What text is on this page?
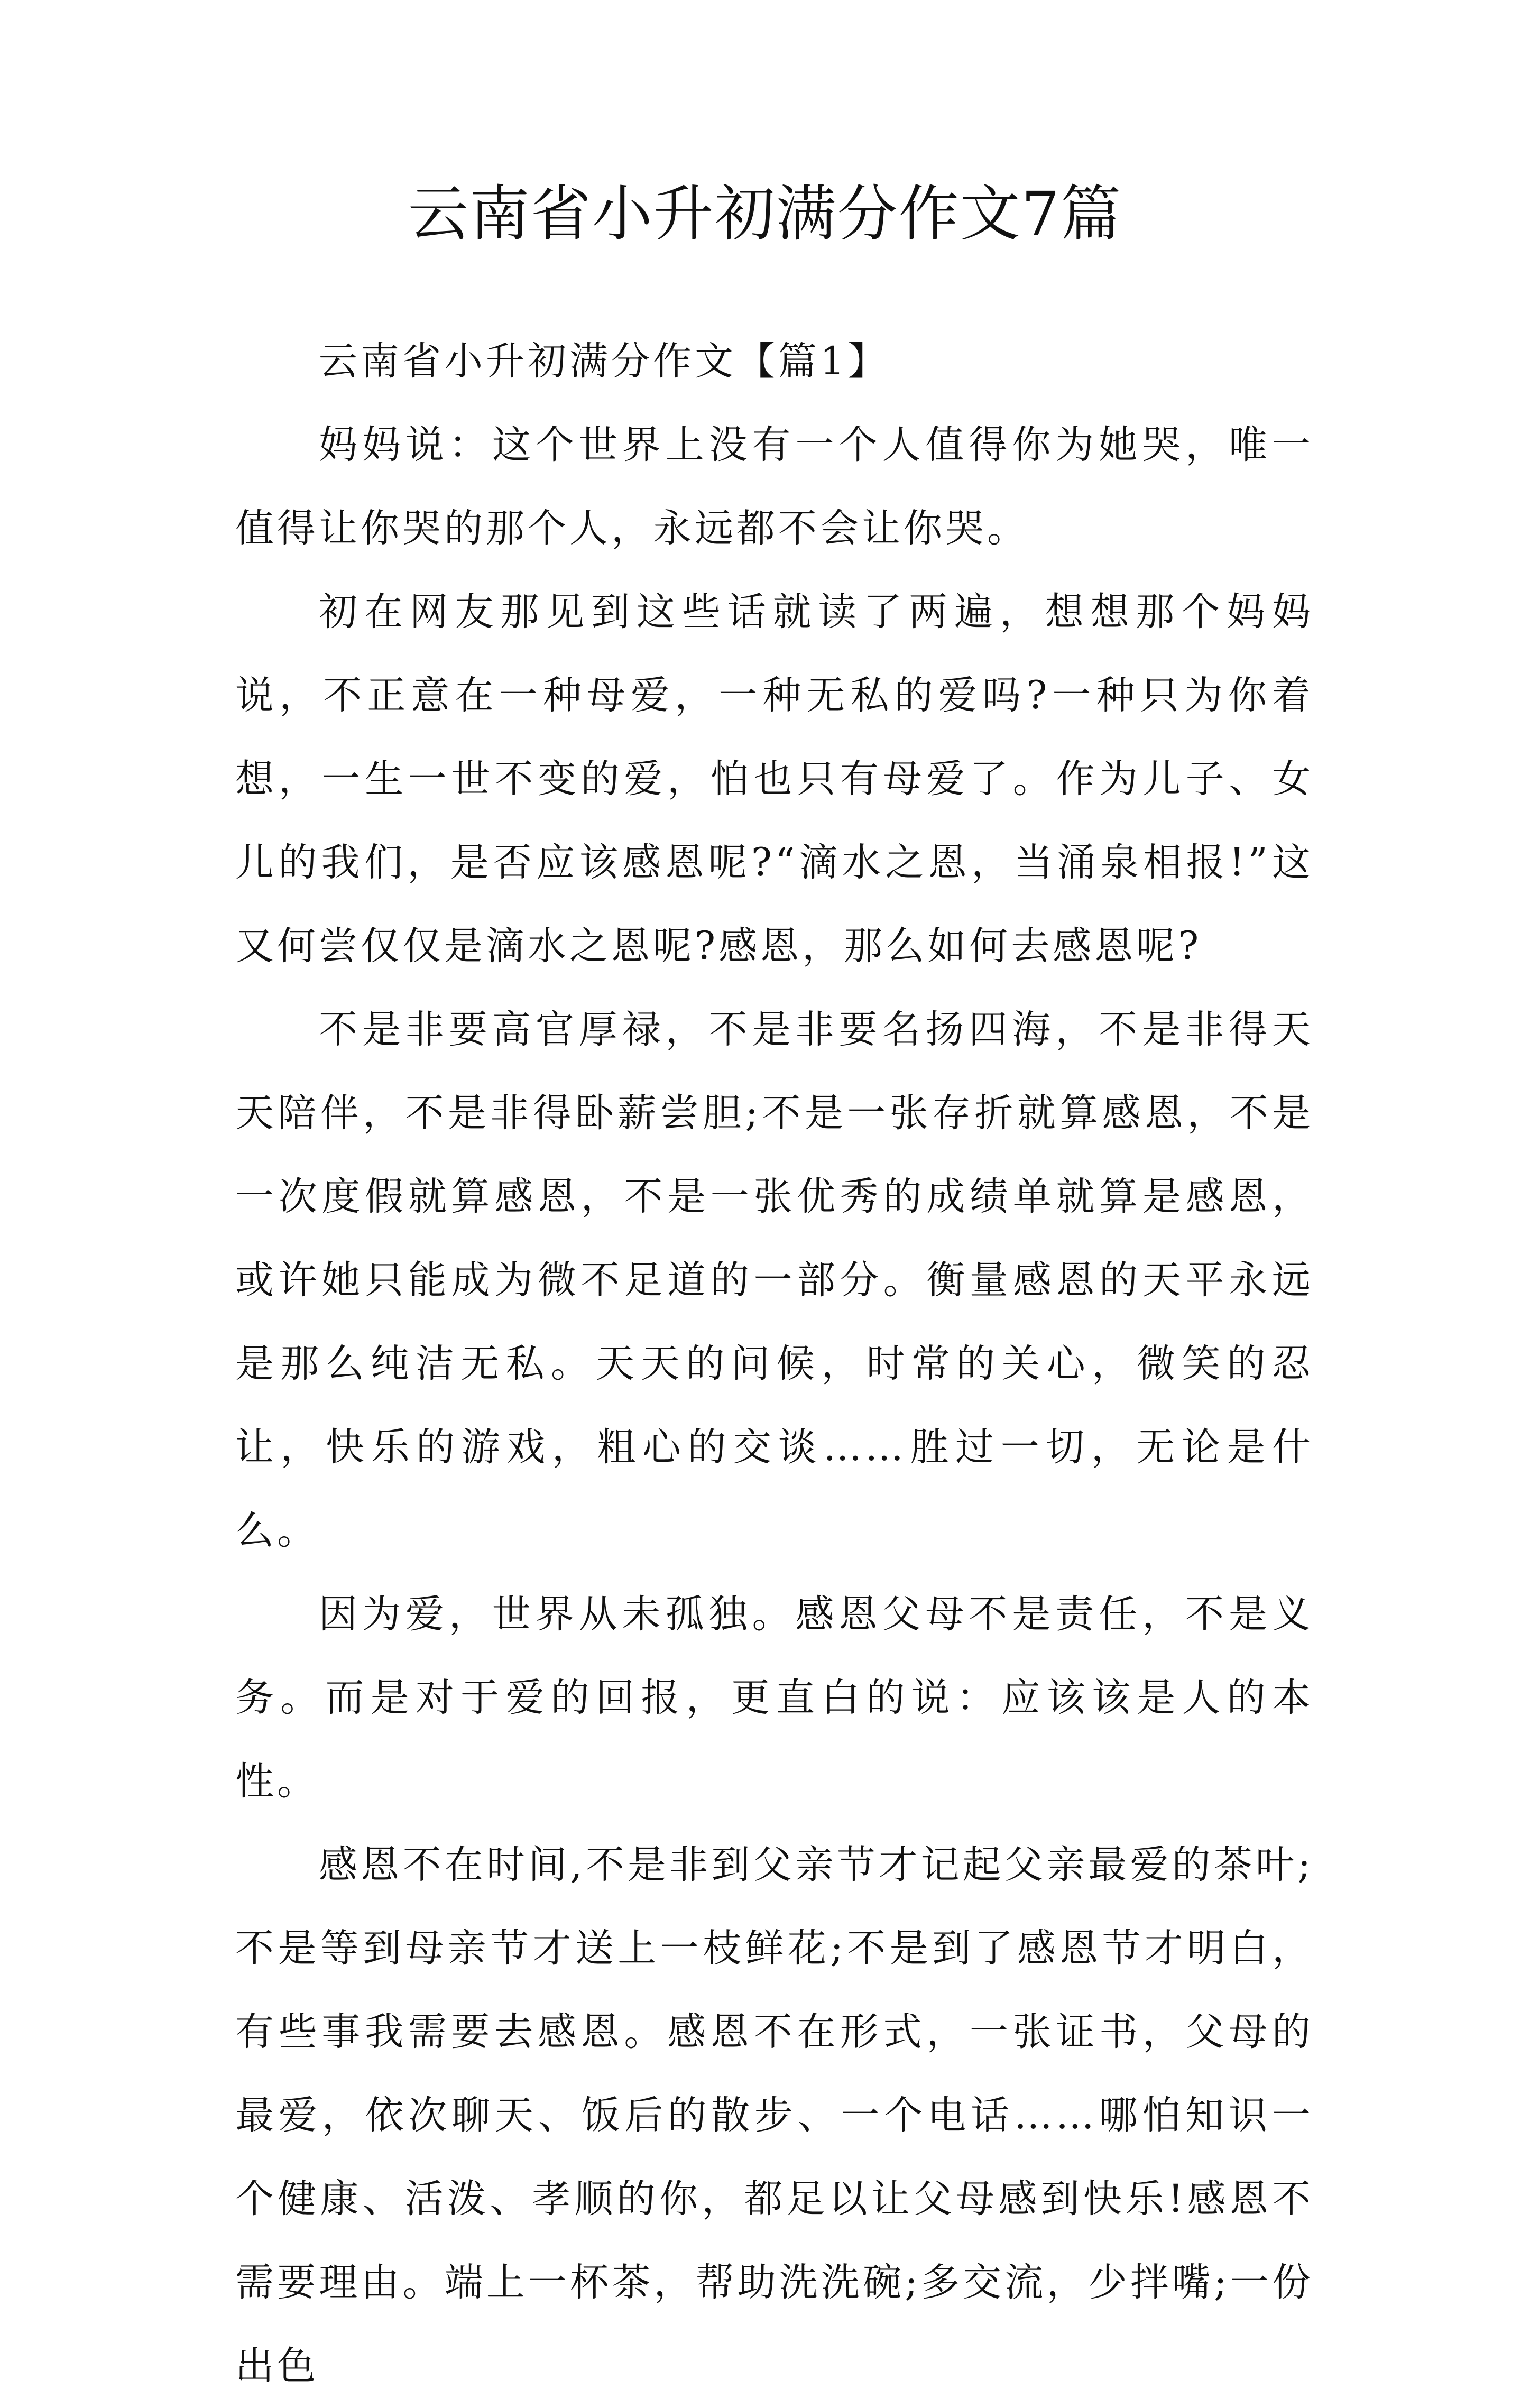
云南省小升初满分作文7篇

云南省小升初满分作文【篇1】

妈妈说：这个世界上没有一个人值得你为她哭，唯一值得让你哭的那个人，永远都不会让你哭。

初在网友那见到这些话就读了两遍，想想那个妈妈说，不正意在一种母爱，一种无私的爱吗?一种只为你着想，一生一世不变的爱，怕也只有母爱了。作为儿子、女儿的我们，是否应该感恩呢?“滴水之恩，当涌泉相报!”这又何尝仅仅是滴水之恩呢?感恩，那么如何去感恩呢?

不是非要高官厚禄，不是非要名扬四海，不是非得天天陪伴，不是非得卧薪尝胆;不是一张存折就算感恩，不是一次度假就算感恩，不是一张优秀的成绩单就算是感恩，或许她只能成为微不足道的一部分。衡量感恩的天平永远是那么纯洁无私。天天的问候，时常的关心，微笑的忍让，快乐的游戏，粗心的交谈……胜过一切，无论是什么。

因为爱，世界从未孤独。感恩父母不是责任，不是义务。而是对于爱的回报，更直白的说：应该该是人的本性。

感恩不在时间,不是非到父亲节才记起父亲最爱的茶叶;不是等到母亲节才送上一枝鲜花;不是到了感恩节才明白，有些事我需要去感恩。感恩不在形式，一张证书，父母的最爱，依次聊天、饭后的散步、一个电话……哪怕知识一个健康、活泼、孝顺的你，都足以让父母感到快乐!感恩不需要理由。端上一杯茶，帮助洗洗碗;多交流，少拌嘴;一份出色
